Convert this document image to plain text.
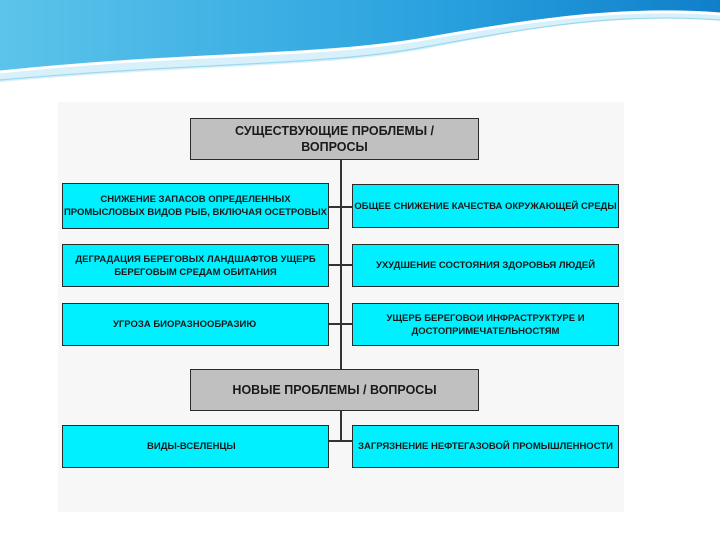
СУЩЕСТВУЮЩИЕ ПРОБЛЕМЫ /
ВОПРОСЫ
СНИЖЕНИЕ ЗАПАСОВ ОПРЕДЕЛЕННЫХ ПРОМЫСЛОВЫХ ВИДОВ РЫБ, ВКЛЮЧАЯ ОСЕТРОВЫХ
ОБЩЕЕ СНИЖЕНИЕ КАЧЕСТВА ОКРУЖАЮЩЕЙ СРЕДЫ
ДЕГРАДАЦИЯ БЕРЕГОВЫХ ЛАНДШАФТОВ УЩЕРБ БЕРЕГОВЫМ СРЕДАМ ОБИТАНИЯ
УХУДШЕНИЕ СОСТОЯНИЯ ЗДОРОВЬЯ ЛЮДЕЙ
УГРОЗА БИОРАЗНООБРАЗИЮ
УЩЕРБ БЕРЕГОВОИ ИНФРАСТРУКТУРЕ И ДОСТОПРИМЕЧАТЕЛЬНОСТЯМ
НОВЫЕ ПРОБЛЕМЫ / ВОПРОСЫ
ВИДЫ-ВСЕЛЕНЦЫ	ЗАГРЯЗНЕНИЕ НЕФТЕГАЗОВОЙ ПРОМЫШЛЕННОСТИ
